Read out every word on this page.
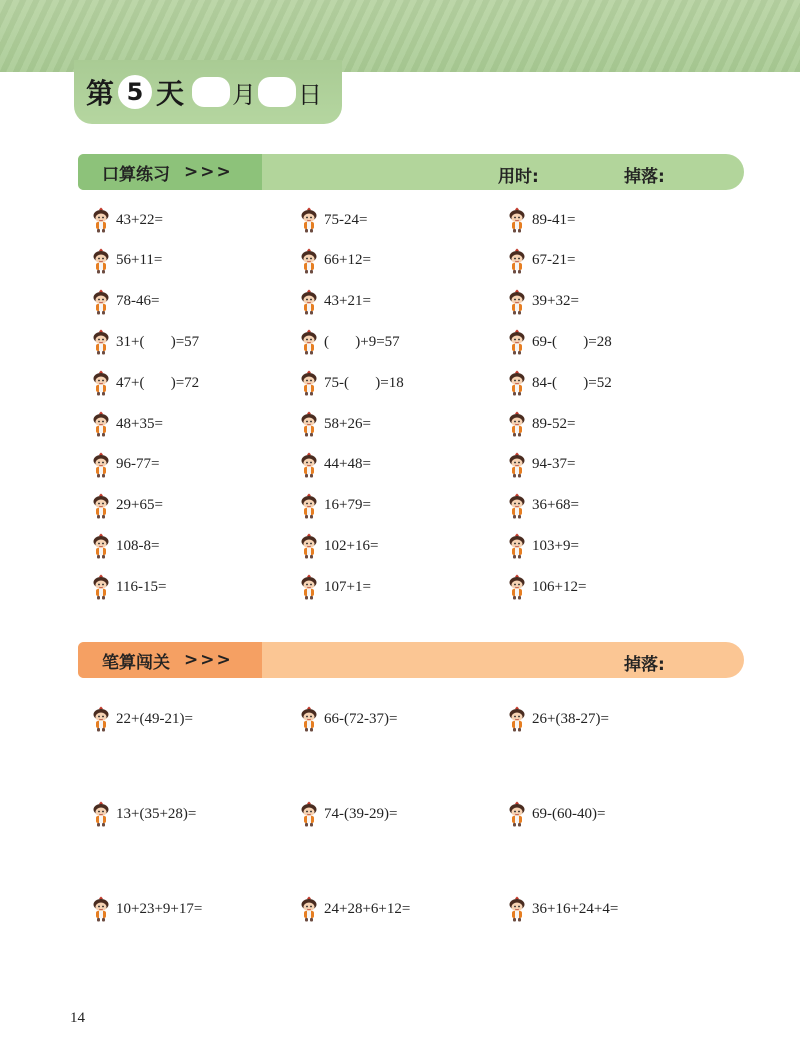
第 5 天 月 日
口算练习 >>>	用时:	掉落:
43+22=	75-24=	89-41=
56+11=	66+12=	67-21=
78-46=	43+21=	39+32=
31+(       )=57	(       )+9=57	69-(       )=28
47+(       )=72	75-(       )=18	84-(       )=52
48+35=	58+26=	89-52=
96-77=	44+48=	94-37=
29+65=	16+79=	36+68=
108-8=	102+16=	103+9=
116-15=	107+1=	106+12=
笔算闯关 >>>	掉落:
22+(49-21)=	66-(72-37)=	26+(38-27)=
13+(35+28)=	74-(39-29)=	69-(60-40)=
10+23+9+17=	24+28+6+12=	36+16+24+4=
14
